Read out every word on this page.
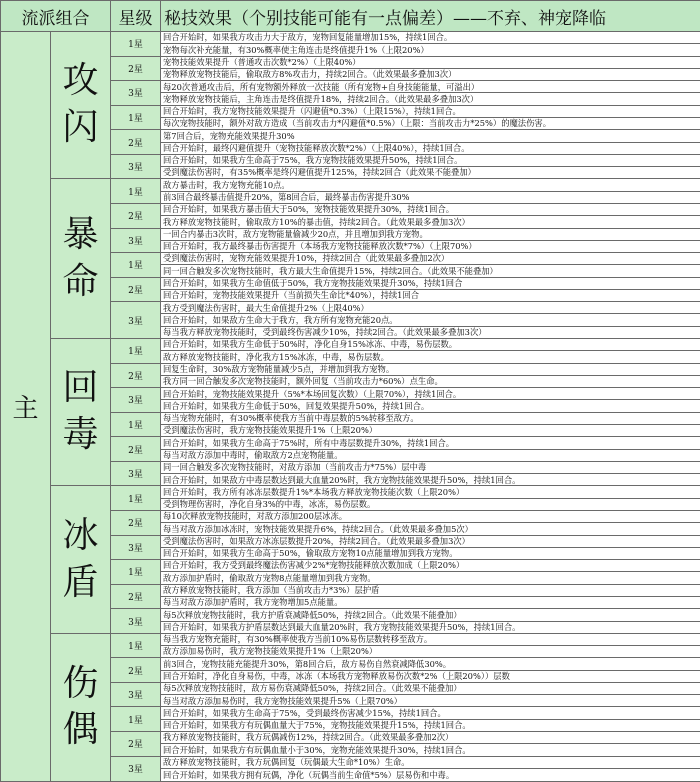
流派组合		星级	秘技效果（个别技能可能有一点偏差）——不弃、神宠降临
主	攻
闪	1星	回合开始时，如果我方攻击力大于敌方，宠物回复能量增加15%，持续1回合。
			宠物每次补充能量，有30%概率使主角连击是终值提升1%（上限20%）
		2星	宠物技能效果提升（普通攻击次数*2%）（上限40%）
			宠物释放宠物技能后，偷取敌方8%攻击力，持续2回合。（此效果最多叠加3次）
		3星	每20次普通攻击后，所有宠物额外释放一次技能（所有宠物+自身技能能量，可溢出）
			宠物释放宠物技能后，主角连击是终值提升18%，持续2回合。（此效果最多叠加3次）
		1星	回合开始时，我方宠物技能效果提升（闪避值*0.3%）（上限15%），持续1回合。
			每次宠物技能时，额外对敌方造成（当前攻击力*闪避值*0.5%）（上限：当前攻击力*25%）的魔法伤害。
		2星	第7回合后，宠物充能效果提升30%
			回合开始时，最终闪避值提升（宠物技能释放次数*2%）（上限40%），持续1回合。
		3星	回合开始时，如果我方生命高于75%，我方宠物技能效果提升50%，持续1回合。
			受到魔法伤害时，有35%概率是终闪避值提升125%，持续2回合（此效果不能叠加）

	暴
命	1星	敌方暴击时，我方宠物充能10点。
			前3回合最终暴击值提升20%，第8回合后，最终暴击伤害提升30%
		2星	回合开始时，如果我方暴击值大于50%，宠物技能效果提升30%，持续1回合。
			我方释放宠物技能时，偷取敌方10%的暴击值，持续2回合。（此效果最多叠加3次）
		3星	一回合内暴击3次时，敌方宠物能量偷减少20点，并且增加到我方宠物。
			回合开始时，我方最终暴击伤害提升（本场我方宠物技能释放次数*7%）（上限70%）
		1星	受到魔法伤害时，宠物充能效果提升10%，持续2回合（此效果最多叠加2次）
			同一回合触发多次宠物技能时，我方最大生命值提升15%，持续2回合。（此效果不能叠加）
		2星	回合开始时，如果我方生命值低于50%，我方宠物技能效果提升30%，持续1回合
			回合开始时，宠物技能效果提升（当前损失生命比*40%），持续1回合
		3星	我方受到魔法伤害时，最大生命值提升2%（上限40%）
			回合开始时，如果敌方生命大于我方，我方所有宠物充能20点。
			每当我方释放宠物技能时，受到最终伤害减少10%，持续2回合。（此效果最多叠加3次）

	回
毒	1星	回合开始时，如果我方生命低于50%时，净化自身15%冰冻、中毒，易伤层数。
			敌方释放宠物技能时，净化我方15%冰冻，中毒，易伤层数。
		2星	回复生命时，30%敌方宠物能量减少5点，并增加到我方宠物。
			我方同一回合触发多次宠物技能时，额外回复（当前攻击力*60%）点生命。
		3星	回合开始时，宠物技能效果提升（5%*本场回复次数）（上限70%），持续1回合。
			回合开始时，如果我方生命低于50%，回复效果提升50%，持续1回合。
		1星	每当宠物充能时，有30%概率使我方当前中毒层数的5%转移至敌方。
			受到魔法伤害时，我方宠物技能效果提升1%（上限20%）
		2星	回合开始时，如果我方生命高于75%时，所有中毒层数提升30%，持续1回合。
			每当对敌方添加中毒时，偷取敌方2点宠物能量。
		3星	同一回合触发多次宠物技能时，对敌方添加（当前攻击力*75%）层中毒
			回合开始时，如果敌方中毒层数达到最大血量20%时，我方宠物技能效果提升50%，持续1回合。

	冰
盾	1星	回合开始时，我方所有冰冻层数提升1%*本场我方释放宠物技能次数（上限20%）
			受到物理伤害时，净化自身3%的中毒，冰冻，易伤层数。
		2星	每10次释放宠物技能时，对敌方添加200层冰冻。
			每当对敌方添加冰冻时，宠物技能效果提升6%，持续2回合。（此效果最多叠加5次）
		3星	受到魔法伤害时，如果敌方冰冻层数提升20%，持续2回合。（此效果最多叠加3次）
			回合开始时，如果我方生命高于50%，偷取敌方宠物10点能量增加到我方宠物。
		1星	回合开始时，我方受到最终魔法伤害减少2%*宠物技能释放次数加成（上限20%）
			敌方添加护盾时，偷取敌方宠物8点能量增加到我方宠物。
		2星	敌方释放宠物技能时，我方添加（当前攻击力*3%）层护盾
			每当对敌方添加护盾时，我方宠物增加5点能量。
		3星	每5次释放宠物技能时，我方护盾衰减降低50%，持续2回合。（此效果不能叠加）
			回合开始时，如果我方护盾层数达到最大血量20%时，我方宠物技能效果提升50%，持续1回合。

	伤
偶	1星	每当我方宠物充能时，有30%概率使我方当前10%易伤层数转移至敌方。
			敌方添加易伤时，我方宠物技能效果提升1%（上限20%）
		2星	前3回合，宠物技能充能提升30%，第8回合后，敌方易伤自然衰减降低30%。
			回合开始时，净化自身易伤，中毒，冰冻（本场我方宠物释放易伤次数*2%（上限20%））层数
		3星	每5次释放宠物技能时，敌方易伤衰减降低50%，持续2回合。（此效果不能叠加）
			每当对敌方添加易伤时，我方宠物技能效果提升5%（上限70%）
		1星	回合开始时，如果我方生命高于75%，受到最终伤害减少15%，持续1回合。
			回合开始时，如果我方有玩偶血量大于75%，宠物技能效果提升15%，持续1回合。
		2星	我方释放宠物技能时，我方玩偶减伤12%，持续2回合。（此效果最多叠加2次）
			回合开始时，如果我方有玩偶血量小于30%，宠物充能效果提升30%，持续1回合。
		3星	敌方释放宠物技能时，我方玩偶回复（玩偶最大生命*10%）生命。
			回合开始时，如果我方拥有玩偶，净化（玩偶当前生命值*5%）层易伤和中毒。
